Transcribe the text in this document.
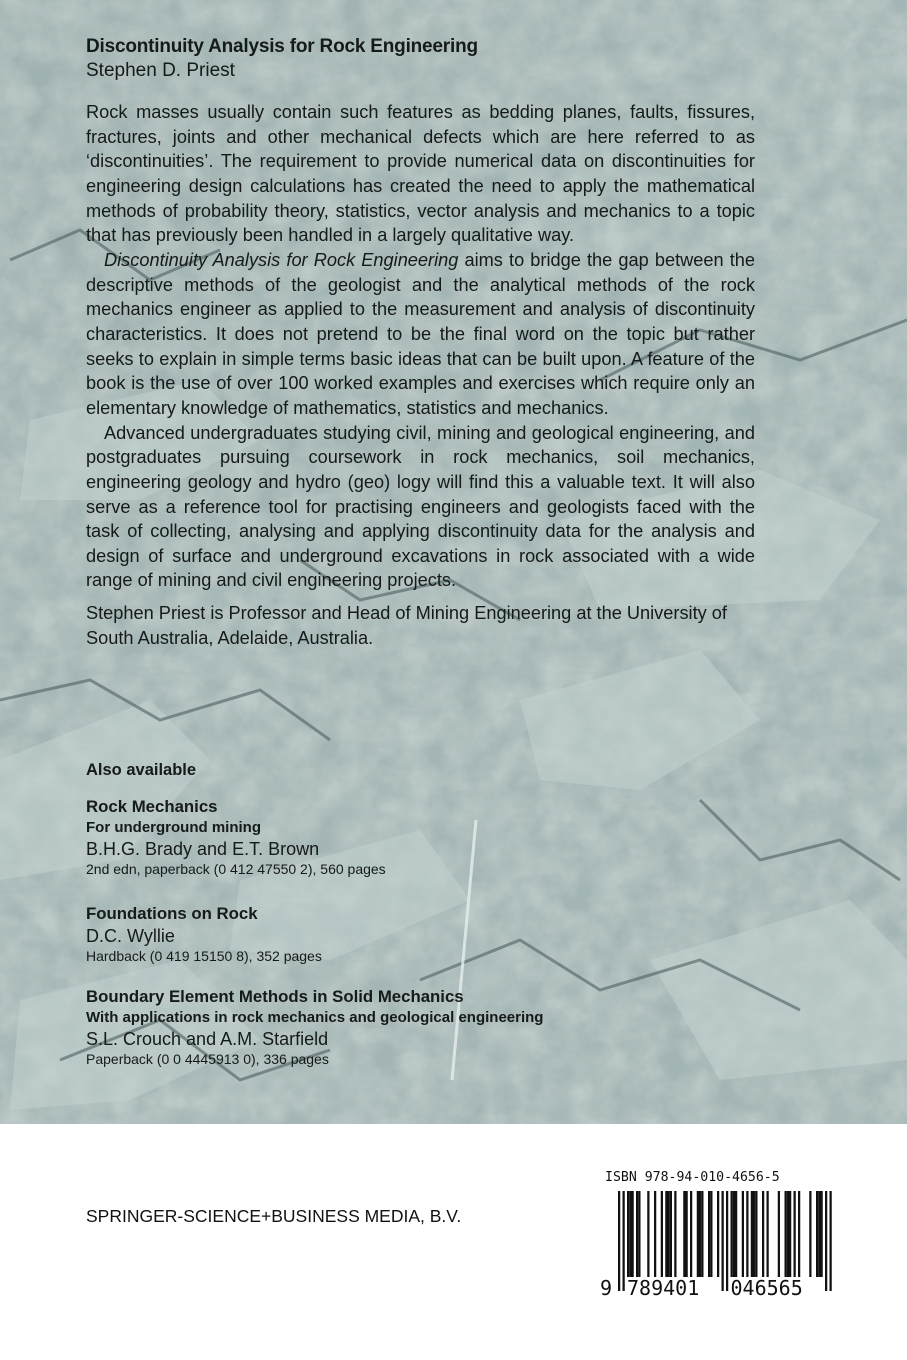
Discontinuity Analysis for Rock Engineering
Stephen D. Priest

Rock masses usually contain such features as bedding planes, faults, fissures, fractures, joints and other mechanical defects which are here referred to as ‘discontinuities’. The requirement to provide numerical data on discontinuities for engineering design calculations has created the need to apply the mathematical methods of probability theory, statistics, vector analysis and mechanics to a topic that has previously been handled in a largely qualitative way.

Discontinuity Analysis for Rock Engineering aims to bridge the gap between the descriptive methods of the geologist and the analytical methods of the rock mechanics engineer as applied to the measurement and analysis of discontinuity characteristics. It does not pretend to be the final word on the topic but rather seeks to explain in simple terms basic ideas that can be built upon. A feature of the book is the use of over 100 worked examples and exercises which require only an elementary knowledge of mathematics, statistics and mechanics.

Advanced undergraduates studying civil, mining and geological engineering, and postgraduates pursuing coursework in rock mechanics, soil mechanics, engineering geology and hydro (geo) logy will find this a valuable text. It will also serve as a reference tool for practising engineers and geologists faced with the task of collecting, analysing and applying discontinuity data for the analysis and design of surface and underground excavations in rock associated with a wide range of mining and civil engineering projects.

Stephen Priest is Professor and Head of Mining Engineering at the University of South Australia, Adelaide, Australia.

Also available
Rock Mechanics
For underground mining
B.H.G. Brady and E.T. Brown
2nd edn, paperback (0 412 47550 2), 560 pages
Foundations on Rock
D.C. Wyllie
Hardback (0 419 15150 8), 352 pages
Boundary Element Methods in Solid Mechanics
With applications in rock mechanics and geological engineering
S.L. Crouch and A.M. Starfield
Paperback (0 0 4445913 0), 336 pages
SPRINGER-SCIENCE+BUSINESS MEDIA, B.V.
ISBN 978-94-010-4656-5
9 789401 046565
